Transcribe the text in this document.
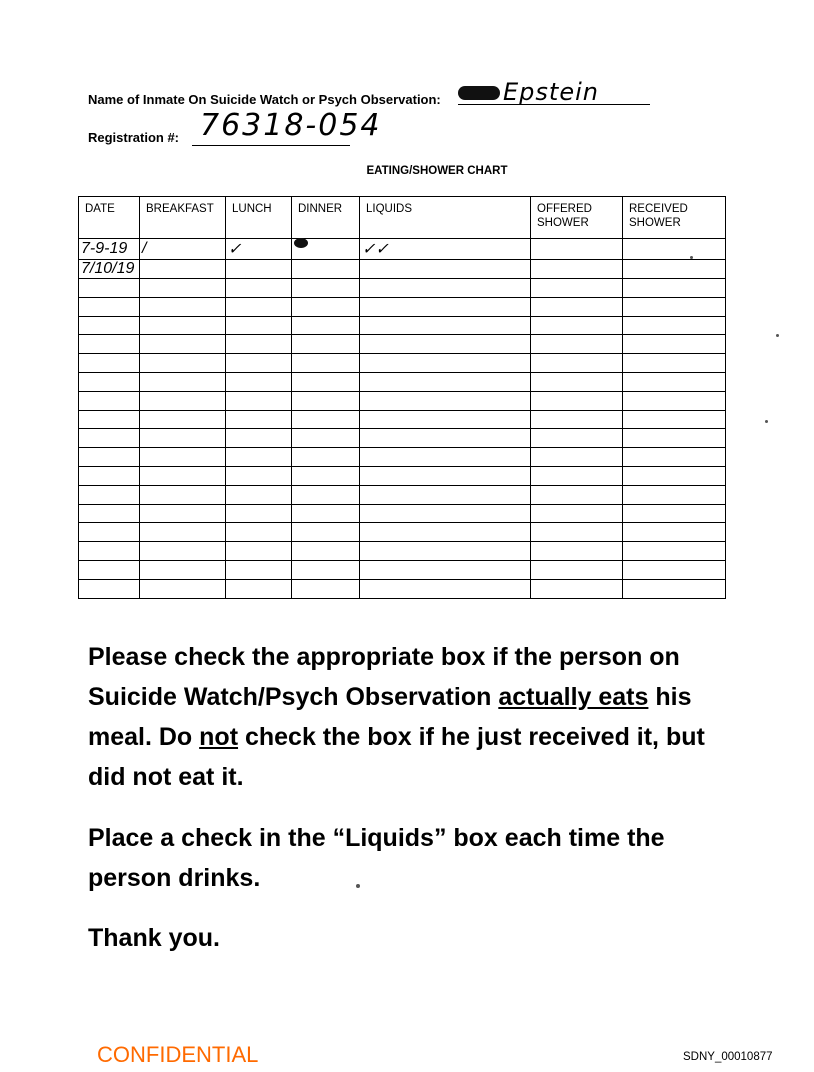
Name of Inmate On Suicide Watch or Psych Observation:	Epstein
Registration #: 76318-054
EATING/SHOWER CHART
DATE	BREAKFAST	LUNCH	DINNER	LIQUIDS	OFFERED SHOWER	RECEIVED SHOWER
7-9-19	/	✓		✓✓		
7/10/19						

Please check the appropriate box if the person on Suicide Watch/Psych Observation actually eats his meal. Do not check the box if he just received it, but did not eat it.
Place a check in the “Liquids” box each time the person drinks.
Thank you.
CONFIDENTIAL	SDNY_00010877
